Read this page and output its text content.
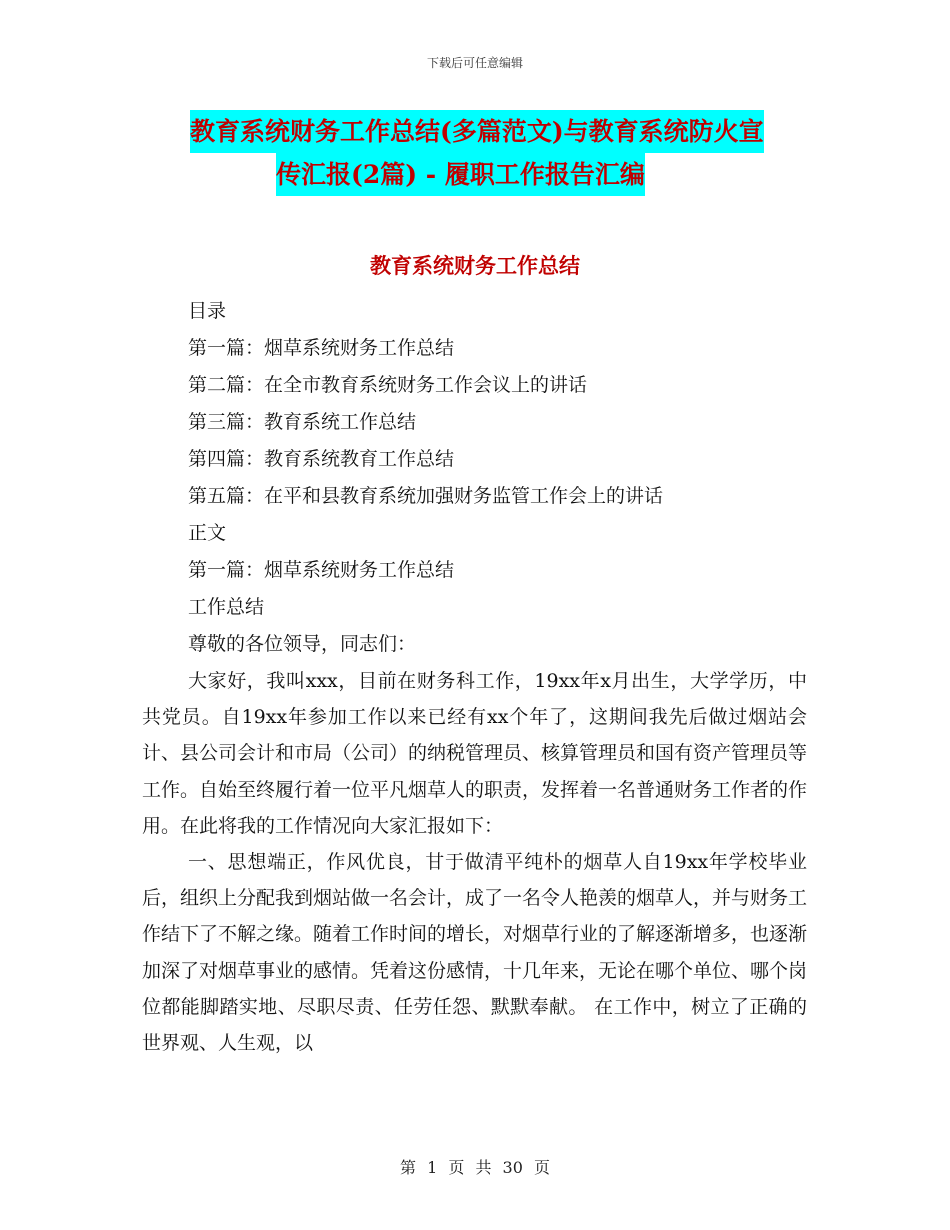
下载后可任意编辑
教育系统财务工作总结(多篇范文)与教育系统防火宣
传汇报(2篇) - 履职工作报告汇编
教育系统财务工作总结
目录
第一篇：烟草系统财务工作总结
第二篇：在全市教育系统财务工作会议上的讲话
第三篇：教育系统工作总结
第四篇：教育系统教育工作总结
第五篇：在平和县教育系统加强财务监管工作会上的讲话
正文
第一篇：烟草系统财务工作总结
工作总结
尊敬的各位领导，同志们：

大家好，我叫xxx，目前在财务科工作，19xx年x月出生，大学学历，中共党员。自19xx年参加工作以来已经有xx个年了，这期间我先后做过烟站会计、县公司会计和市局（公司）的纳税管理员、核算管理员和国有资产管理员等工作。自始至终履行着一位平凡烟草人的职责，发挥着一名普通财务工作者的作用。在此将我的工作情况向大家汇报如下：

一、思想端正，作风优良，甘于做清平纯朴的烟草人自19xx年学校毕业后，组织上分配我到烟站做一名会计，成了一名令人艳羡的烟草人，并与财务工作结下了不解之缘。随着工作时间的增长，对烟草行业的了解逐渐增多，也逐渐加深了对烟草事业的感情。凭着这份感情，十几年来，无论在哪个单位、哪个岗位都能脚踏实地、尽职尽责、任劳任怨、默默奉献。 在工作中，树立了正确的世界观、人生观，以

第 1 页 共 30 页
